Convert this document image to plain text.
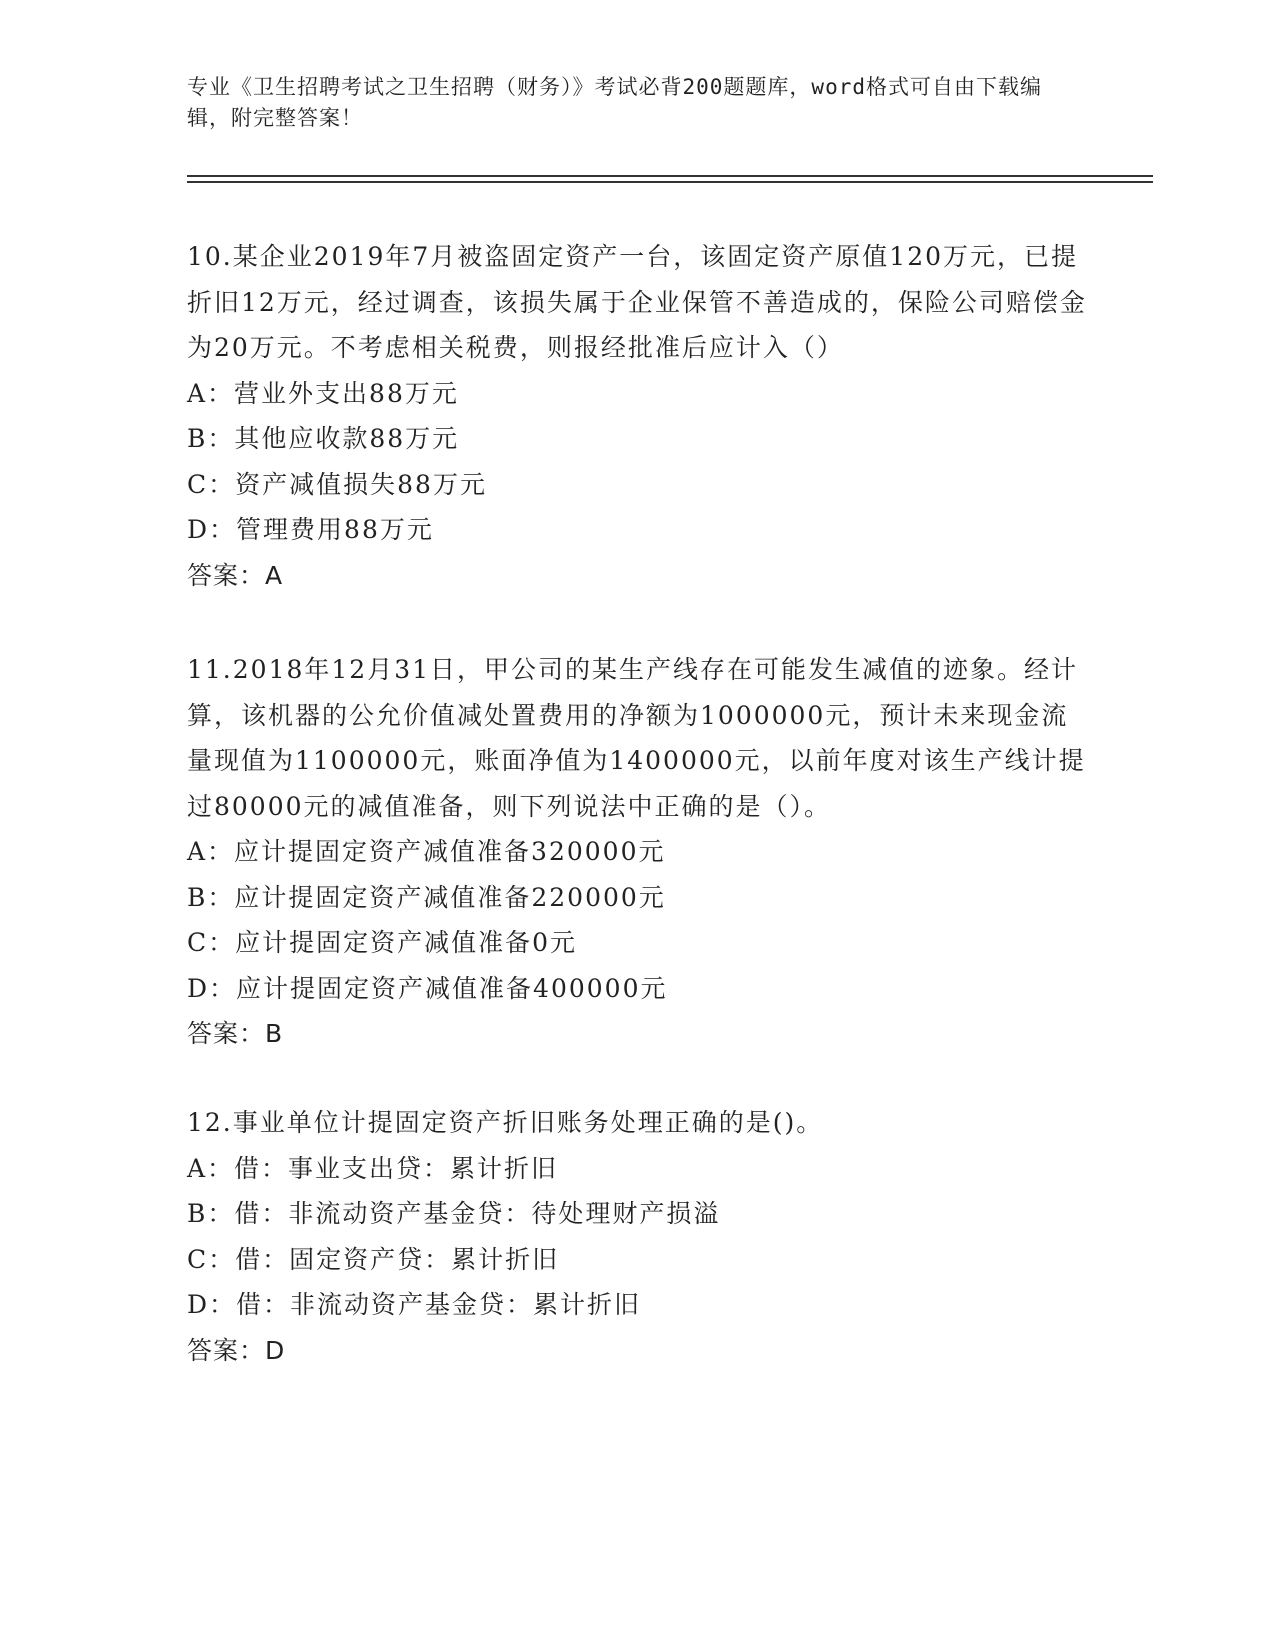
专业《卫生招聘考试之卫生招聘（财务）》考试必背200题题库，word格式可自由下载编辑，附完整答案！

10.某企业2019年7月被盗固定资产一台，该固定资产原值120万元，已提折旧12万元，经过调查，该损失属于企业保管不善造成的，保险公司赔偿金为20万元。不考虑相关税费，则报经批准后应计入（）

A：营业外支出88万元

B：其他应收款88万元

C：资产减值损失88万元

D：管理费用88万元

答案：A

11.2018年12月31日，甲公司的某生产线存在可能发生减值的迹象。经计算，该机器的公允价值减处置费用的净额为1000000元，预计未来现金流量现值为1100000元，账面净值为1400000元，以前年度对该生产线计提过80000元的减值准备，则下列说法中正确的是（）。

A：应计提固定资产减值准备320000元

B：应计提固定资产减值准备220000元

C：应计提固定资产减值准备0元

D：应计提固定资产减值准备400000元

答案：B

12.事业单位计提固定资产折旧账务处理正确的是()。

A：借：事业支出贷：累计折旧

B：借：非流动资产基金贷：待处理财产损溢

C：借：固定资产贷：累计折旧

D：借：非流动资产基金贷：累计折旧

答案：D
